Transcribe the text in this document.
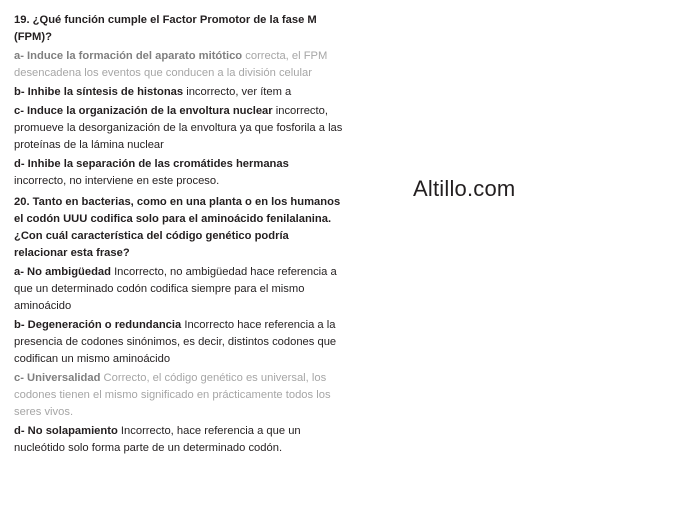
19. ¿Qué función cumple el Factor Promotor de la fase M (FPM)?

a- Induce la formación del aparato mitótico correcta, el FPM desencadena los eventos que conducen a la división celular

b- Inhibe la síntesis de histonas incorrecto, ver ítem a

c- Induce la organización de la envoltura nuclear incorrecto, promueve la desorganización de la envoltura ya que fosforila a las proteínas de la lámina nuclear

d- Inhibe la separación de las cromátides hermanas incorrecto, no interviene en este proceso.

20. Tanto en bacterias, como en una planta o en los humanos el codón UUU codifica solo para el aminoácido fenilalanina. ¿Con cuál característica del código genético podría relacionar esta frase?

a- No ambigüedad Incorrecto, no ambigüedad hace referencia a que un determinado codón codifica siempre para el mismo aminoácido

b- Degeneración o redundancia Incorrecto hace referencia a la presencia de codones sinónimos, es decir, distintos codones que codifican un mismo aminoácido

c- Universalidad Correcto, el código genético es universal, los codones tienen el mismo significado en prácticamente todos los seres vivos.

d- No solapamiento Incorrecto, hace referencia a que un nucleótido solo forma parte de un determinado codón.

Altillo.com
